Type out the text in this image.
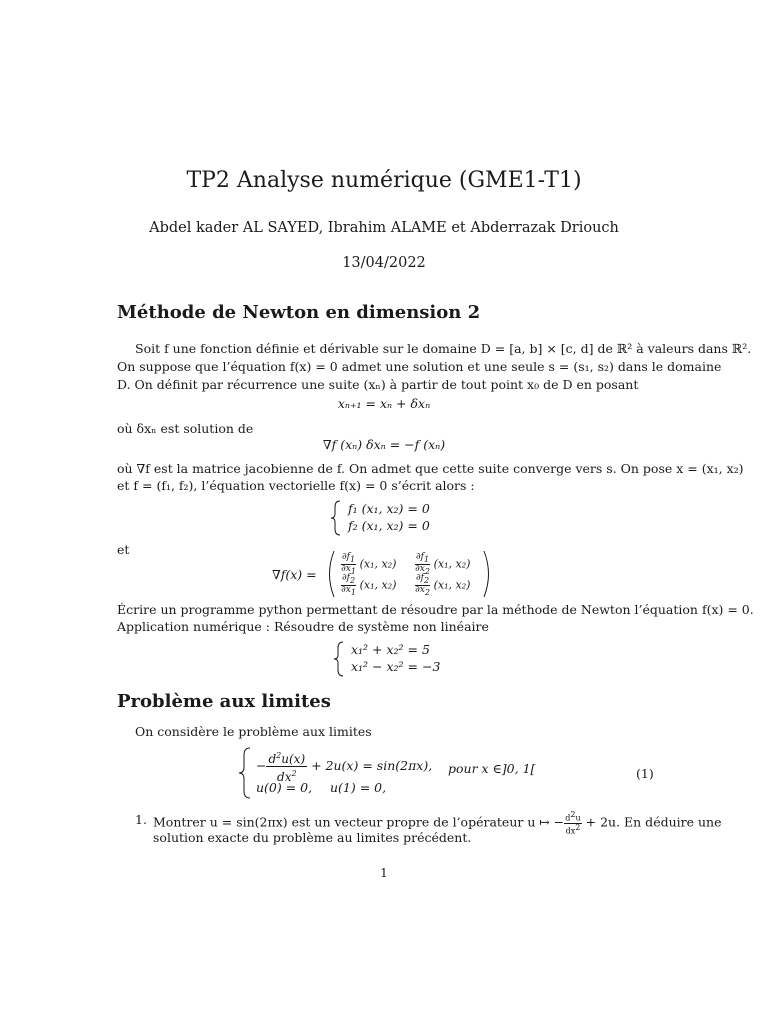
TP2 Analyse numérique (GME1-T1)
Abdel kader AL SAYED, Ibrahim ALAME et Abderrazak Driouch
13/04/2022
Méthode de Newton en dimension 2
Soit f une fonction définie et dérivable sur le domaine D = [a, b] × [c, d] de ℝ² à valeurs dans ℝ².
On suppose que l’équation f(x) = 0 admet une solution et une seule s = (s₁, s₂) dans le domaine
D. On définit par récurrence une suite (xₙ) à partir de tout point x₀ de D en posant
xₙ₊₁ = xₙ + δxₙ
où δxₙ est solution de
∇f (xₙ) δxₙ = −f (xₙ)
où ∇f est la matrice jacobienne de f. On admet que cette suite converge vers s. On pose x = (x₁, x₂)
et f = (f₁, f₂), l’équation vectorielle f(x) = 0 s’écrit alors :
f₁ (x₁, x₂) = 0
f₂ (x₁, x₂) = 0
et
∇f(x) =	$\frac{\partial f_1}{\partial x_1} (x_1$, $x_2) \frac{\partial f_1}{\partial x_2} (x_1$, x₂)
$\frac{\partial f_2}{\partial x_1} (x_1$, $x_2) \frac{\partial f_2}{\partial x_2} (x_1$, x₂)
Écrire un programme python permettant de résoudre par la méthode de Newton l’équation f(x) = 0.
Application numérique : Résoudre de système non linéaire
x₁² + x₂² = 5
x₁² − x₂² = −3
Problème aux limites
On considère le problème aux limites
− $\frac{d^2u(x)}{dx^2} + 2u(x) = \sin(2\pi x)$, pour x ∈]0, 1[
u(0) = 0, u(1) = 0,
(1)
1. Montrer u = sin(2πx) est un vecteur propre de l’opérateur u ↦ − $\frac{d^2u}{dx^2} + 2u$. En déduire une
solution exacte du problème au limites précédent.
1
